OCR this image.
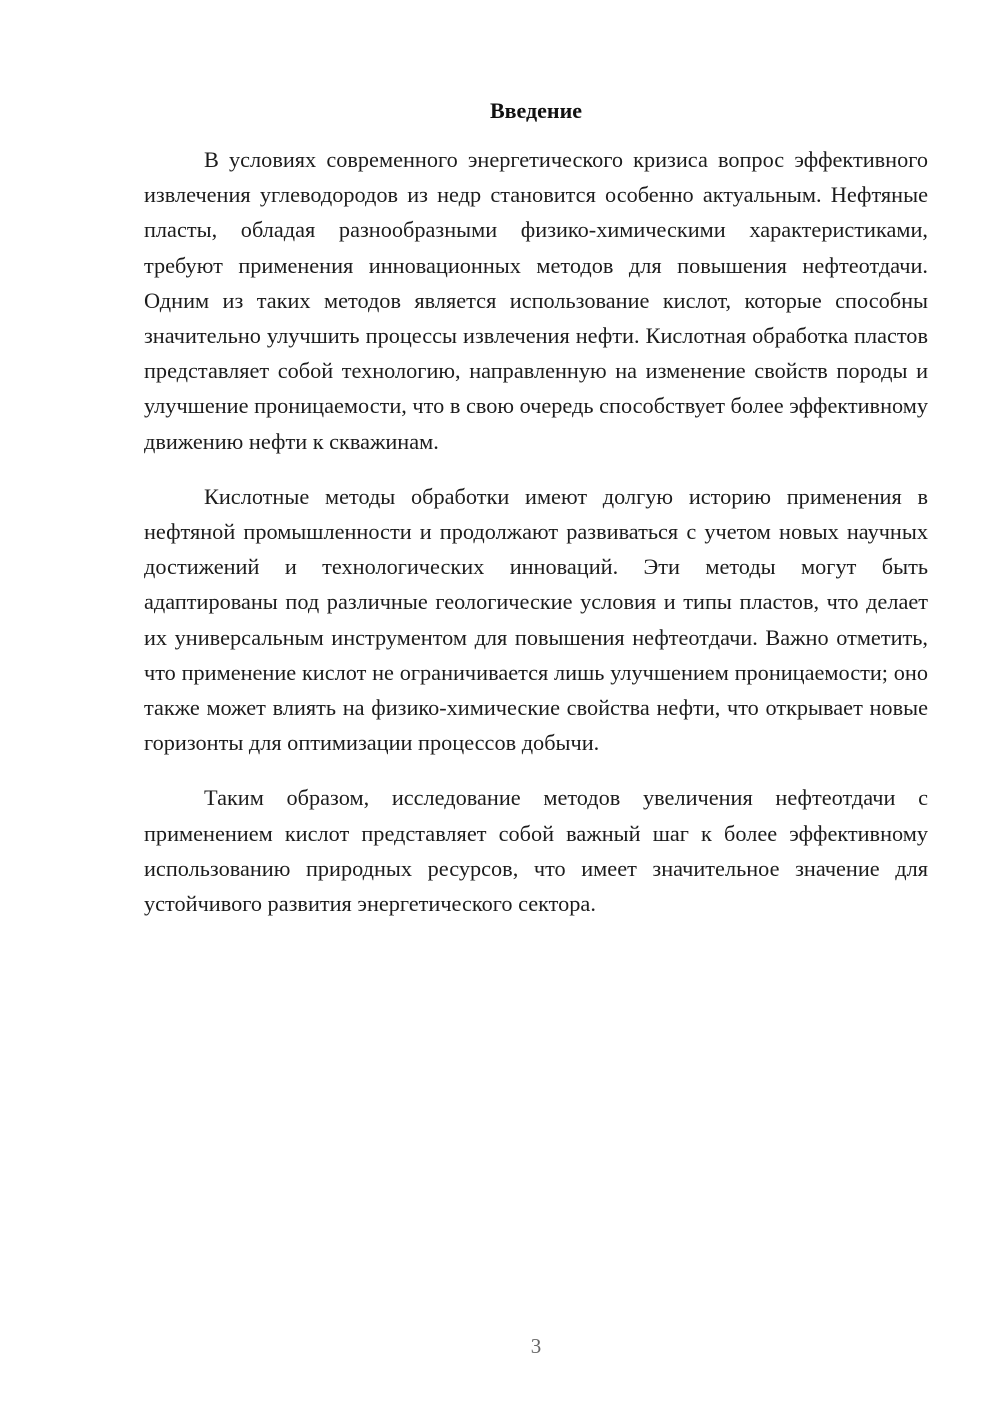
Введение

В условиях современного энергетического кризиса вопрос эффективного извлечения углеводородов из недр становится особенно актуальным. Нефтяные пласты, обладая разнообразными физико-химическими характеристиками, требуют применения инновационных методов для повышения нефтеотдачи. Одним из таких методов является использование кислот, которые способны значительно улучшить процессы извлечения нефти. Кислотная обработка пластов представляет собой технологию, направленную на изменение свойств породы и улучшение проницаемости, что в свою очередь способствует более эффективному движению нефти к скважинам.

Кислотные методы обработки имеют долгую историю применения в нефтяной промышленности и продолжают развиваться с учетом новых научных достижений и технологических инноваций. Эти методы могут быть адаптированы под различные геологические условия и типы пластов, что делает их универсальным инструментом для повышения нефтеотдачи. Важно отметить, что применение кислот не ограничивается лишь улучшением проницаемости; оно также может влиять на физико-химические свойства нефти, что открывает новые горизонты для оптимизации процессов добычи.

Таким образом, исследование методов увеличения нефтеотдачи с применением кислот представляет собой важный шаг к более эффективному использованию природных ресурсов, что имеет значительное значение для устойчивого развития энергетического сектора.

3
